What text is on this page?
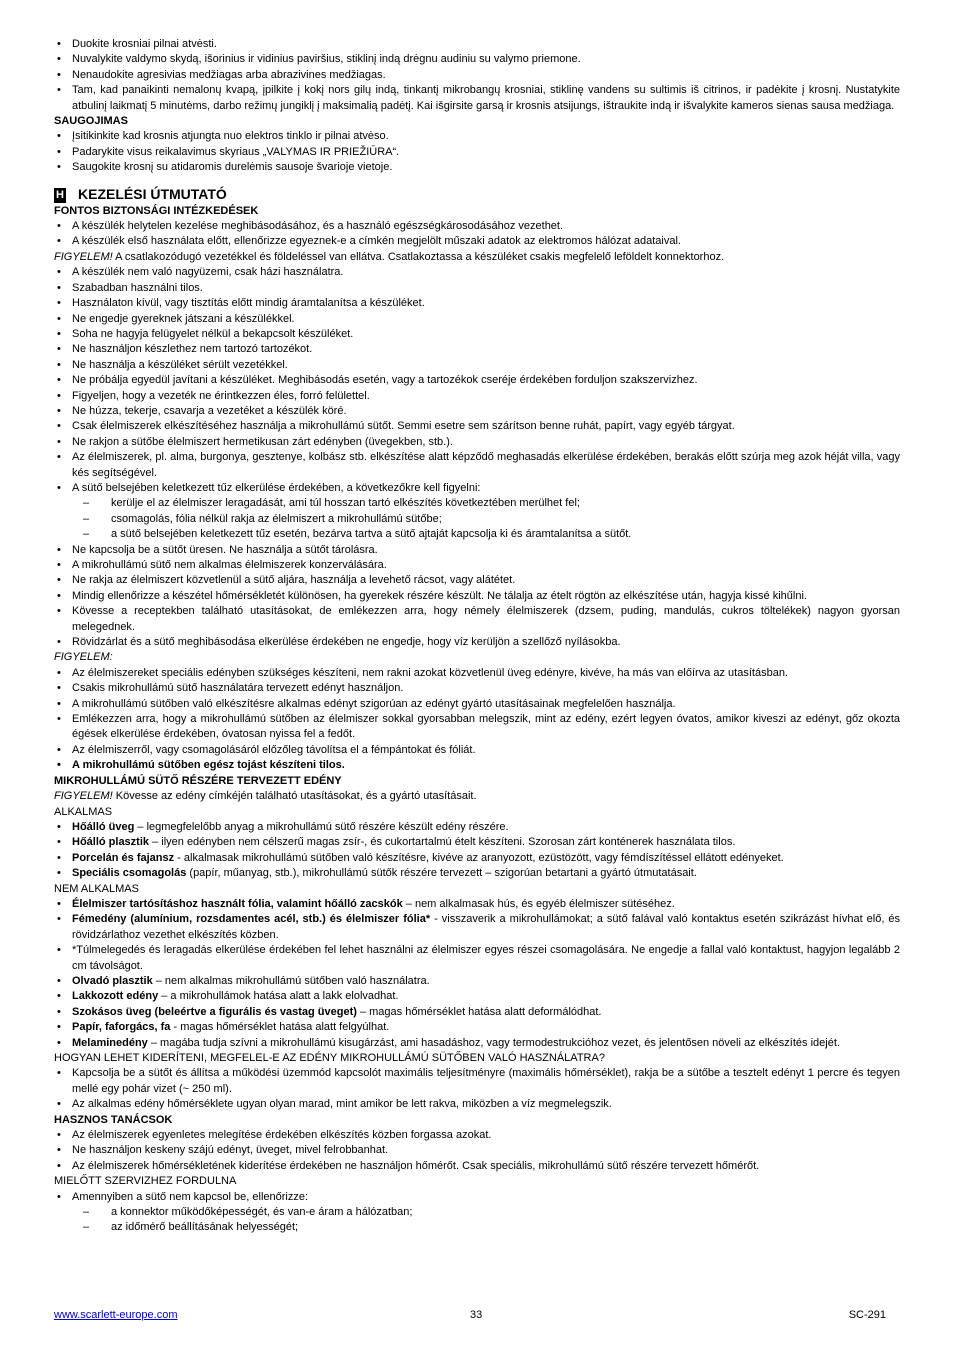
• Duokite krosniai pilnai atvėsti.
• Nuvalykite valdymo skydą, išorinius ir vidinius paviršius, stiklinį indą drėgnu audiniu su valymo priemone.
• Nenaudokite agresivias medžiagas arba abrazivines medžiagas.
• Tam, kad panaikinti nemalonų kvapą, įpilkite į kokį nors gilų indą, tinkantį mikrobangų krosniai, stiklinę vandens su sultimis iš citrinos, ir padėkite į krosnį. Nustatykite atbulinį laikmatį 5 minutėms, darbo režimų jungiklį į maksimalią padėtį. Kai išgirsite garsą ir krosnis atsijungs, ištraukite indą ir išvalykite kameros sienas sausa medžiaga.

SAUGOJIMAS

• Įsitikinkite kad krosnis atjungta nuo elektros tinklo ir pilnai atvėso.
• Padarykite visus reikalavimus skyriaus „VALYMAS IR PRIEŽIŪRA“.
• Saugokite krosnį su atidaromis durelėmis sausoje švarioje vietoje.
H KEZELÉSI ÚTMUTATÓ

FONTOS BIZTONSÁGI INTÉZKEDÉSEK

• A készülék helytelen kezelése meghibásodásához, és a használó egészségkárosodásához vezethet.
• A készülék első használata előtt, ellenőrizze egyeznek-e a címkén megjelölt műszaki adatok az elektromos hálózat adataival.

FIGYELEM! A csatlakozódugó vezetékkel és földeléssel van ellátva. Csatlakoztassa a készüléket csakis megfelelő leföldelt konnektorhoz.

• A készülék nem való nagyüzemi, csak házi használatra.
• Szabadban használni tilos.
• Használaton kívül, vagy tisztítás előtt mindig áramtalanítsa a készüléket.
• Ne engedje gyereknek játszani a készülékkel.
• Soha ne hagyja felügyelet nélkül a bekapcsolt készüléket.
• Ne használjon készlethez nem tartozó tartozékot.
• Ne használja a készüléket sérült vezetékkel.
• Ne próbálja egyedül javítani a készüléket. Meghibásodás esetén, vagy a tartozékok cseréje érdekében forduljon szakszervizhez.
• Figyeljen, hogy a vezeték ne érintkezzen éles, forró felülettel.
• Ne húzza, tekerje, csavarja a vezetéket a készülék köré.
• Csak élelmiszerek elkészítéséhez használja a mikrohullámú sütőt. Semmi esetre sem szárítson benne ruhát, papírt, vagy egyéb tárgyat.
• Ne rakjon a sütőbe élelmiszert hermetikusan zárt edényben (üvegekben, stb.).
• Az élelmiszerek, pl. alma, burgonya, gesztenye, kolbász stb. elkészítése alatt képződő meghasadás elkerülése érdekében, berakás előtt szúrja meg azok héját villa, vagy kés segítségével.
• A sütő belsejében keletkezett tűz elkerülése érdekében, a következőkre kell figyelni:
– kerülje el az élelmiszer leragadását, ami túl hosszan tartó elkészítés következtében merülhet fel;
– csomagolás, fólia nélkül rakja az élelmiszert a mikrohullámú sütőbe;
– a sütő belsejében keletkezett tűz esetén, bezárva tartva a sütő ajtaját kapcsolja ki és áramtalanítsa a sütőt.
• Ne kapcsolja be a sütőt üresen. Ne használja a sütőt tárolásra.
• A mikrohullámú sütő nem alkalmas élelmiszerek konzerválására.
• Ne rakja az élelmiszert közvetlenül a sütő aljára, használja a levehető rácsot, vagy alátétet.
• Mindig ellenőrizze a készétel hőmérsékletét különösen, ha gyerekek részére készült. Ne tálalja az ételt rögtön az elkészítése után, hagyja kissé kihűlni.
• Kövesse a receptekben található utasításokat, de emlékezzen arra, hogy némely élelmiszerek (dzsem, puding, mandulás, cukros töltelékek) nagyon gyorsan melegednek.
• Rövidzárlat és a sütő meghibásodása elkerülése érdekében ne engedje, hogy víz kerüljön a szellőző nyílásokba.

FIGYELEM:

• Az élelmiszereket speciális edényben szükséges készíteni, nem rakni azokat közvetlenül üveg edényre, kivéve, ha más van előírva az utasításban.
• Csakis mikrohullámú sütő használatára tervezett edényt használjon.
• A mikrohullámú sütőben való elkészítésre alkalmas edényt szigorúan az edényt gyártó utasításainak megfelelően használja.
• Emlékezzen arra, hogy a mikrohullámú sütőben az élelmiszer sokkal gyorsabban melegszik, mint az edény, ezért legyen óvatos, amikor kiveszi az edényt, gőz okozta égések elkerülése érdekében, óvatosan nyissa fel a fedőt.
• Az élelmiszerről, vagy csomagolásáról előzőleg távolítsa el a fémpántokat és fóliát.
• A mikrohullámú sütőben egész tojást készíteni tilos.

MIKROHULLÁMÚ SÜTŐ RÉSZÉRE TERVEZETT EDÉNY

FIGYELEM! Kövesse az edény címkéjén található utasításokat, és a gyártó utasításait.

ALKALMAS

• Hőálló üveg – legmegfelelőbb anyag a mikrohullámú sütő részére készült edény részére.
• Hőálló plasztik – ilyen edényben nem célszerű magas zsír-, és cukortartalmú ételt készíteni. Szorosan zárt konténerek használata tilos.
• Porcelán és fajansz - alkalmasak mikrohullámú sütőben való készítésre, kivéve az aranyozott, ezüstözött, vagy fémdíszítéssel ellátott edényeket.
• Speciális csomagolás (papír, műanyag, stb.), mikrohullámú sütők részére tervezett – szigorúan betartani a gyártó útmutatásait.

NEM ALKALMAS

• Élelmiszer tartósításhoz használt fólia, valamint hőálló zacskók – nem alkalmasak hús, és egyéb élelmiszer sütéséhez.
• Fémedény (alumínium, rozsdamentes acél, stb.) és élelmiszer fólia* - visszaverik a mikrohullámokat; a sütő falával való kontaktus esetén szikrázást hívhat elő, és rövidzárlathoz vezethet elkészítés közben.
• *Túlmelegedés és leragadás elkerülése érdekében fel lehet használni az élelmiszer egyes részei csomagolására. Ne engedje a fallal való kontaktust, hagyjon legalább 2 cm távolságot.
• Olvadó plasztik – nem alkalmas mikrohullámú sütőben való használatra.
• Lakkozott edény – a mikrohullámok hatása alatt a lakk elolvadhat.
• Szokásos üveg (beleértve a figurális és vastag üveget) – magas hőmérséklet hatása alatt deformálódhat.
• Papír, faforgács, fa - magas hőmérséklet hatása alatt felgyúlhat.
• Melaminedény – magába tudja szívni a mikrohullámú kisugárzást, ami hasadáshoz, vagy termodestrukcióhoz vezet, és jelentősen növeli az elkészítés idejét.

HOGYAN LEHET KIDERÍTENI, MEGFELEL-E AZ EDÉNY MIKROHULLÁMÚ SÜTŐBEN VALÓ HASZNÁLATRA?

• Kapcsolja be a sütőt és állítsa a működési üzemmód kapcsolót maximális teljesítményre (maximális hőmérséklet), rakja be a sütőbe a tesztelt edényt 1 percre és tegyen mellé egy pohár vizet (~ 250 ml).
• Az alkalmas edény hőmérséklete ugyan olyan marad, mint amikor be lett rakva, miközben a víz megmelegszik.

HASZNOS TANÁCSOK

• Az élelmiszerek egyenletes melegítése érdekében elkészítés közben forgassa azokat.
• Ne használjon keskeny szájú edényt, üveget, mivel felrobbanhat.
• Az élelmiszerek hőmérsékletének kiderítése érdekében ne használjon hőmérőt. Csak speciális, mikrohullámú sütő részére tervezett hőmérőt.

MIELŐTT SZERVIZHEZ FORDULNA

• Amennyiben a sütő nem kapcsol be, ellenőrizze:
– a konnektor működőképességét, és van-e áram a hálózatban;
– az időmérő beállításának helyességét;
www.scarlett-europe.com	33	SC-291
